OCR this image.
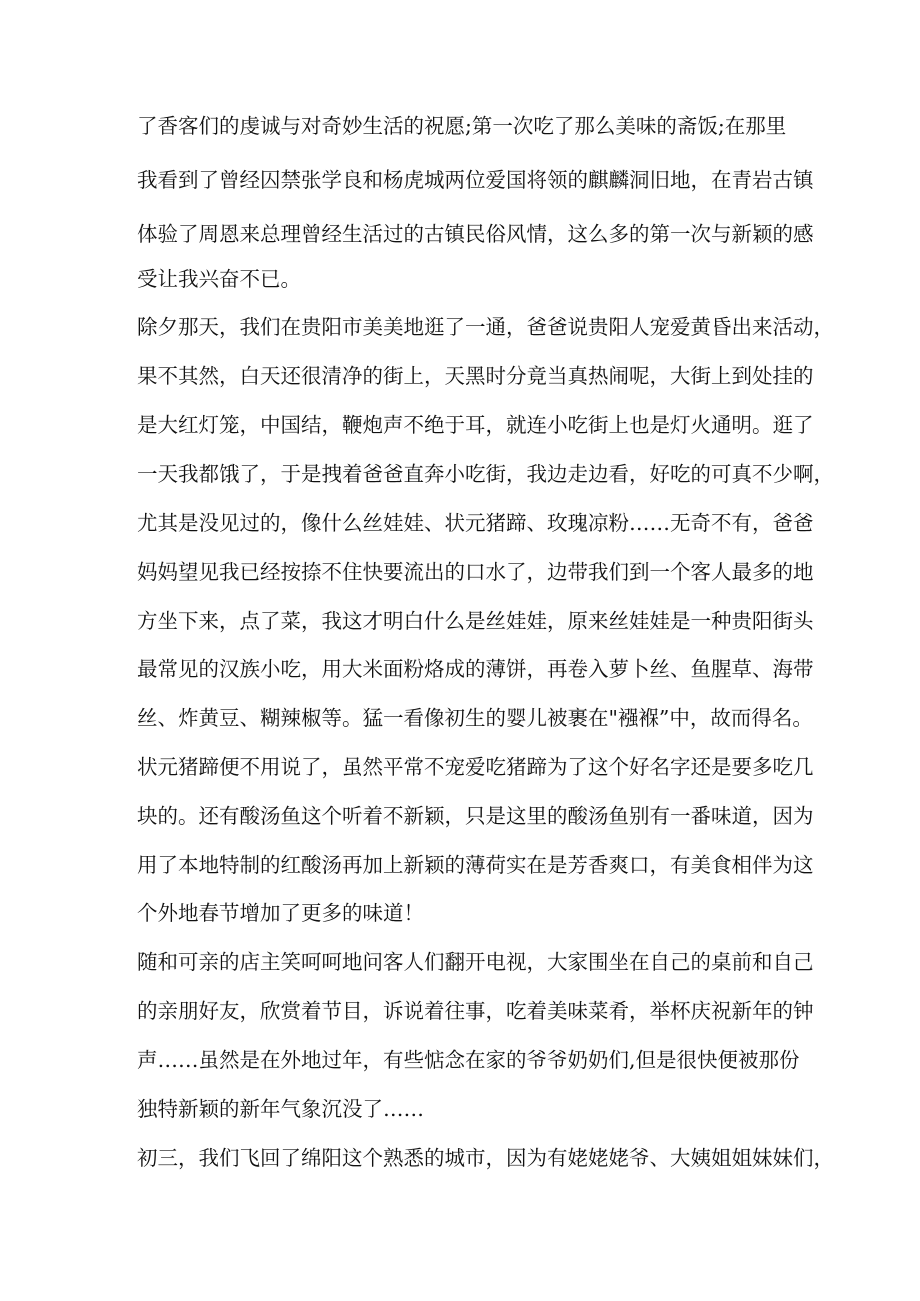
了香客们的虔诚与对奇妙生活的祝愿;第一次吃了那么美味的斋饭;在那里
我看到了曾经囚禁张学良和杨虎城两位爱国将领的麒麟洞旧地，在青岩古镇
体验了周恩来总理曾经生活过的古镇民俗风情，这么多的第一次与新颖的感
受让我兴奋不已。
除夕那天，我们在贵阳市美美地逛了一通，爸爸说贵阳人宠爱黄昏出来活动，
果不其然，白天还很清净的街上，天黑时分竟当真热闹呢，大街上到处挂的
是大红灯笼，中国结，鞭炮声不绝于耳，就连小吃街上也是灯火通明。逛了
一天我都饿了，于是拽着爸爸直奔小吃街，我边走边看，好吃的可真不少啊，
尤其是没见过的，像什么丝娃娃、状元猪蹄、玫瑰凉粉……无奇不有，爸爸
妈妈望见我已经按捺不住快要流出的口水了，边带我们到一个客人最多的地
方坐下来，点了菜，我这才明白什么是丝娃娃，原来丝娃娃是一种贵阳街头
最常见的汉族小吃，用大米面粉烙成的薄饼，再卷入萝卜丝、鱼腥草、海带
丝、炸黄豆、糊辣椒等。猛一看像初生的婴儿被裹在"襁褓”中，故而得名。
状元猪蹄便不用说了，虽然平常不宠爱吃猪蹄为了这个好名字还是要多吃几
块的。还有酸汤鱼这个听着不新颖，只是这里的酸汤鱼别有一番味道，因为
用了本地特制的红酸汤再加上新颖的薄荷实在是芳香爽口，有美食相伴为这
个外地春节增加了更多的味道！
随和可亲的店主笑呵呵地问客人们翻开电视，大家围坐在自己的桌前和自己
的亲朋好友，欣赏着节目，诉说着往事，吃着美味菜肴，举杯庆祝新年的钟
声……虽然是在外地过年，有些惦念在家的爷爷奶奶们,但是很快便被那份
独特新颖的新年气象沉没了……
初三，我们飞回了绵阳这个熟悉的城市，因为有姥姥姥爷、大姨姐姐妹妹们，
